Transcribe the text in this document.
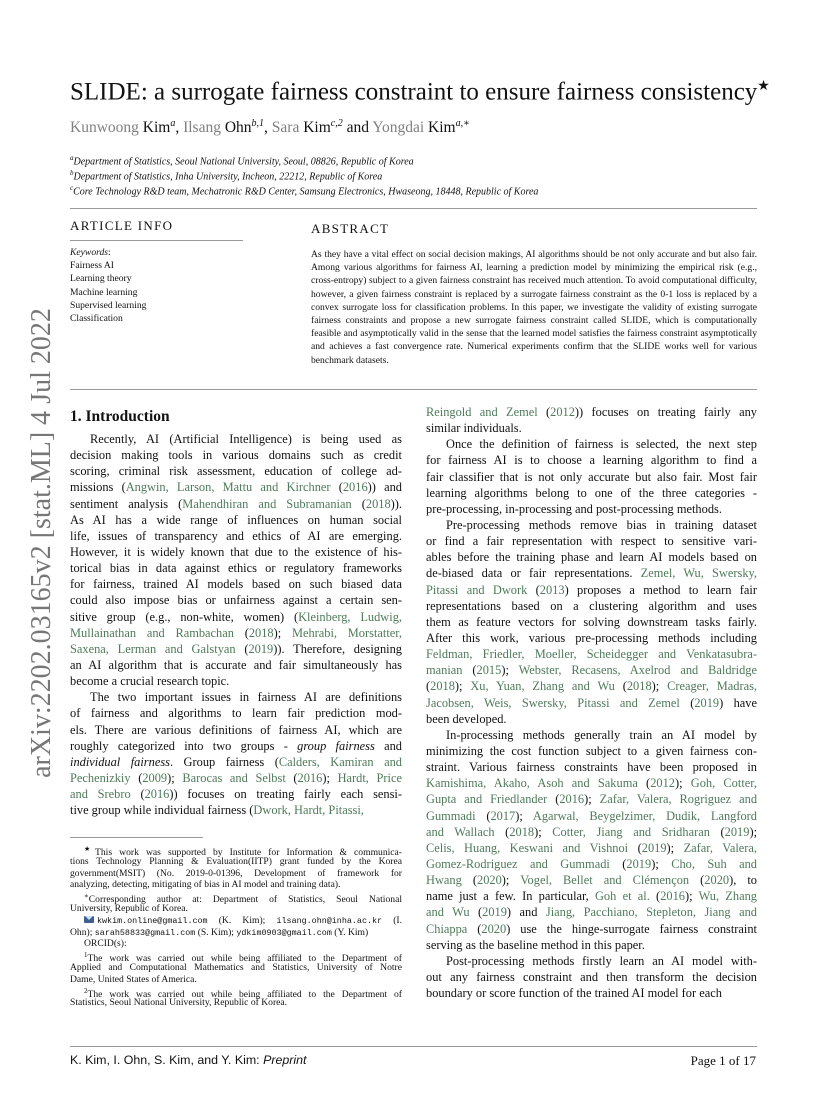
arXiv:2202.03165v2 [stat.ML] 4 Jul 2022
SLIDE: a surrogate fairness constraint to ensure fairness consistency★
Kunwoong Kim$^a$, Ilsang Ohn$^{b,1}$, Sara Kim$^{c,2}$ and Yongdai Kim$^{a,∗}$
$^a$Department of Statistics, Seoul National University, Seoul, 08826, Republic of Korea
$^b$Department of Statistics, Inha University, Incheon, 22212, Republic of Korea
$^c$Core Technology R&D team, Mechatronic R&D Center, Samsung Electronics, Hwaseong, 18448, Republic of Korea
ARTICLE INFO	ABSTRACT
Keywords:
Fairness AI
Learning theory
Machine learning
Supervised learning
Classification
As they have a vital effect on social decision makings, AI algorithms should be not only accurate and but also fair. Among various algorithms for fairness AI, learning a prediction model by minimizing the empirical risk (e.g., cross-entropy) subject to a given fairness constraint has received much attention. To avoid computational difficulty, however, a given fairness constraint is replaced by a surrogate fairness constraint as the 0-1 loss is replaced by a convex surrogate loss for classification problems. In this paper, we investigate the validity of existing surrogate fairness constraints and propose a new surrogate fairness constraint called SLIDE, which is computationally feasible and asymptotically valid in the sense that the learned model satisfies the fairness constraint asymptotically and achieves a fast convergence rate. Numerical experiments confirm that the SLIDE works well for various benchmark datasets.
1. Introduction
Recently, AI (Artificial Intelligence) is being used as
decision making tools in various domains such as credit
scoring, criminal risk assessment, education of college ad-
missions (Angwin, Larson, Mattu and Kirchner (2016)) and
sentiment analysis (Mahendhiran and Subramanian (2018)).
As AI has a wide range of influences on human social
life, issues of transparency and ethics of AI are emerging.
However, it is widely known that due to the existence of his-
torical bias in data against ethics or regulatory frameworks
for fairness, trained AI models based on such biased data
could also impose bias or unfairness against a certain sen-
sitive group (e.g., non-white, women) (Kleinberg, Ludwig,
Mullainathan and Rambachan (2018); Mehrabi, Morstatter,
Saxena, Lerman and Galstyan (2019)). Therefore, designing
an AI algorithm that is accurate and fair simultaneously has
become a crucial research topic.
The two important issues in fairness AI are definitions
of fairness and algorithms to learn fair prediction mod-
els. There are various definitions of fairness AI, which are
roughly categorized into two groups - group fairness and
individual fairness. Group fairness (Calders, Kamiran and
Pechenizkiy (2009); Barocas and Selbst (2016); Hardt, Price
and Srebro (2016)) focuses on treating fairly each sensi-
tive group while individual fairness (Dwork, Hardt, Pitassi,
Reingold and Zemel (2012)) focuses on treating fairly any
similar individuals.
Once the definition of fairness is selected, the next step
for fairness AI is to choose a learning algorithm to find a
fair classifier that is not only accurate but also fair. Most fair
learning algorithms belong to one of the three categories -
pre-processing, in-processing and post-processing methods.
Pre-processing methods remove bias in training dataset
or find a fair representation with respect to sensitive vari-
ables before the training phase and learn AI models based on
de-biased data or fair representations. Zemel, Wu, Swersky,
Pitassi and Dwork (2013) proposes a method to learn fair
representations based on a clustering algorithm and uses
them as feature vectors for solving downstream tasks fairly.
After this work, various pre-processing methods including
Feldman, Friedler, Moeller, Scheidegger and Venkatasubra-
manian (2015); Webster, Recasens, Axelrod and Baldridge
(2018); Xu, Yuan, Zhang and Wu (2018); Creager, Madras,
Jacobsen, Weis, Swersky, Pitassi and Zemel (2019) have
been developed.
In-processing methods generally train an AI model by
minimizing the cost function subject to a given fairness con-
straint. Various fairness constraints have been proposed in
Kamishima, Akaho, Asoh and Sakuma (2012); Goh, Cotter,
Gupta and Friedlander (2016); Zafar, Valera, Rogriguez and
Gummadi (2017); Agarwal, Beygelzimer, Dudik, Langford
and Wallach (2018); Cotter, Jiang and Sridharan (2019);
Celis, Huang, Keswani and Vishnoi (2019); Zafar, Valera,
Gomez-Rodriguez and Gummadi (2019); Cho, Suh and
Hwang (2020); Vogel, Bellet and Clémençon (2020), to
name just a few. In particular, Goh et al. (2016); Wu, Zhang
and Wu (2019) and Jiang, Pacchiano, Stepleton, Jiang and
Chiappa (2020) use the hinge-surrogate fairness constraint
serving as the baseline method in this paper.
Post-processing methods firstly learn an AI model with-
out any fairness constraint and then transform the decision
boundary or score function of the trained AI model for each
★This work was supported by Institute for Information & communica-
tions Technology Planning & Evaluation(IITP) grant funded by the Korea
government(MSIT) (No. 2019-0-01396, Development of framework for
analyzing, detecting, mitigating of bias in AI model and training data).
∗Corresponding author at: Department of Statistics, Seoul National
University, Republic of Korea.
kwkim.online@gmail.com (K. Kim); ilsang.ohn@inha.ac.kr (I.
Ohn); sarah58833@gmail.com (S. Kim); ydkim0903@gmail.com (Y. Kim)
ORCID(s):
$^1$The work was carried out while being affiliated to the Department of
Applied and Computational Mathematics and Statistics, University of Notre
Dame, United States of America.
$^2$The work was carried out while being affiliated to the Department of
Statistics, Seoul National University, Republic of Korea.
K. Kim, I. Ohn, S. Kim, and Y. Kim: Preprint	Page 1 of 17
